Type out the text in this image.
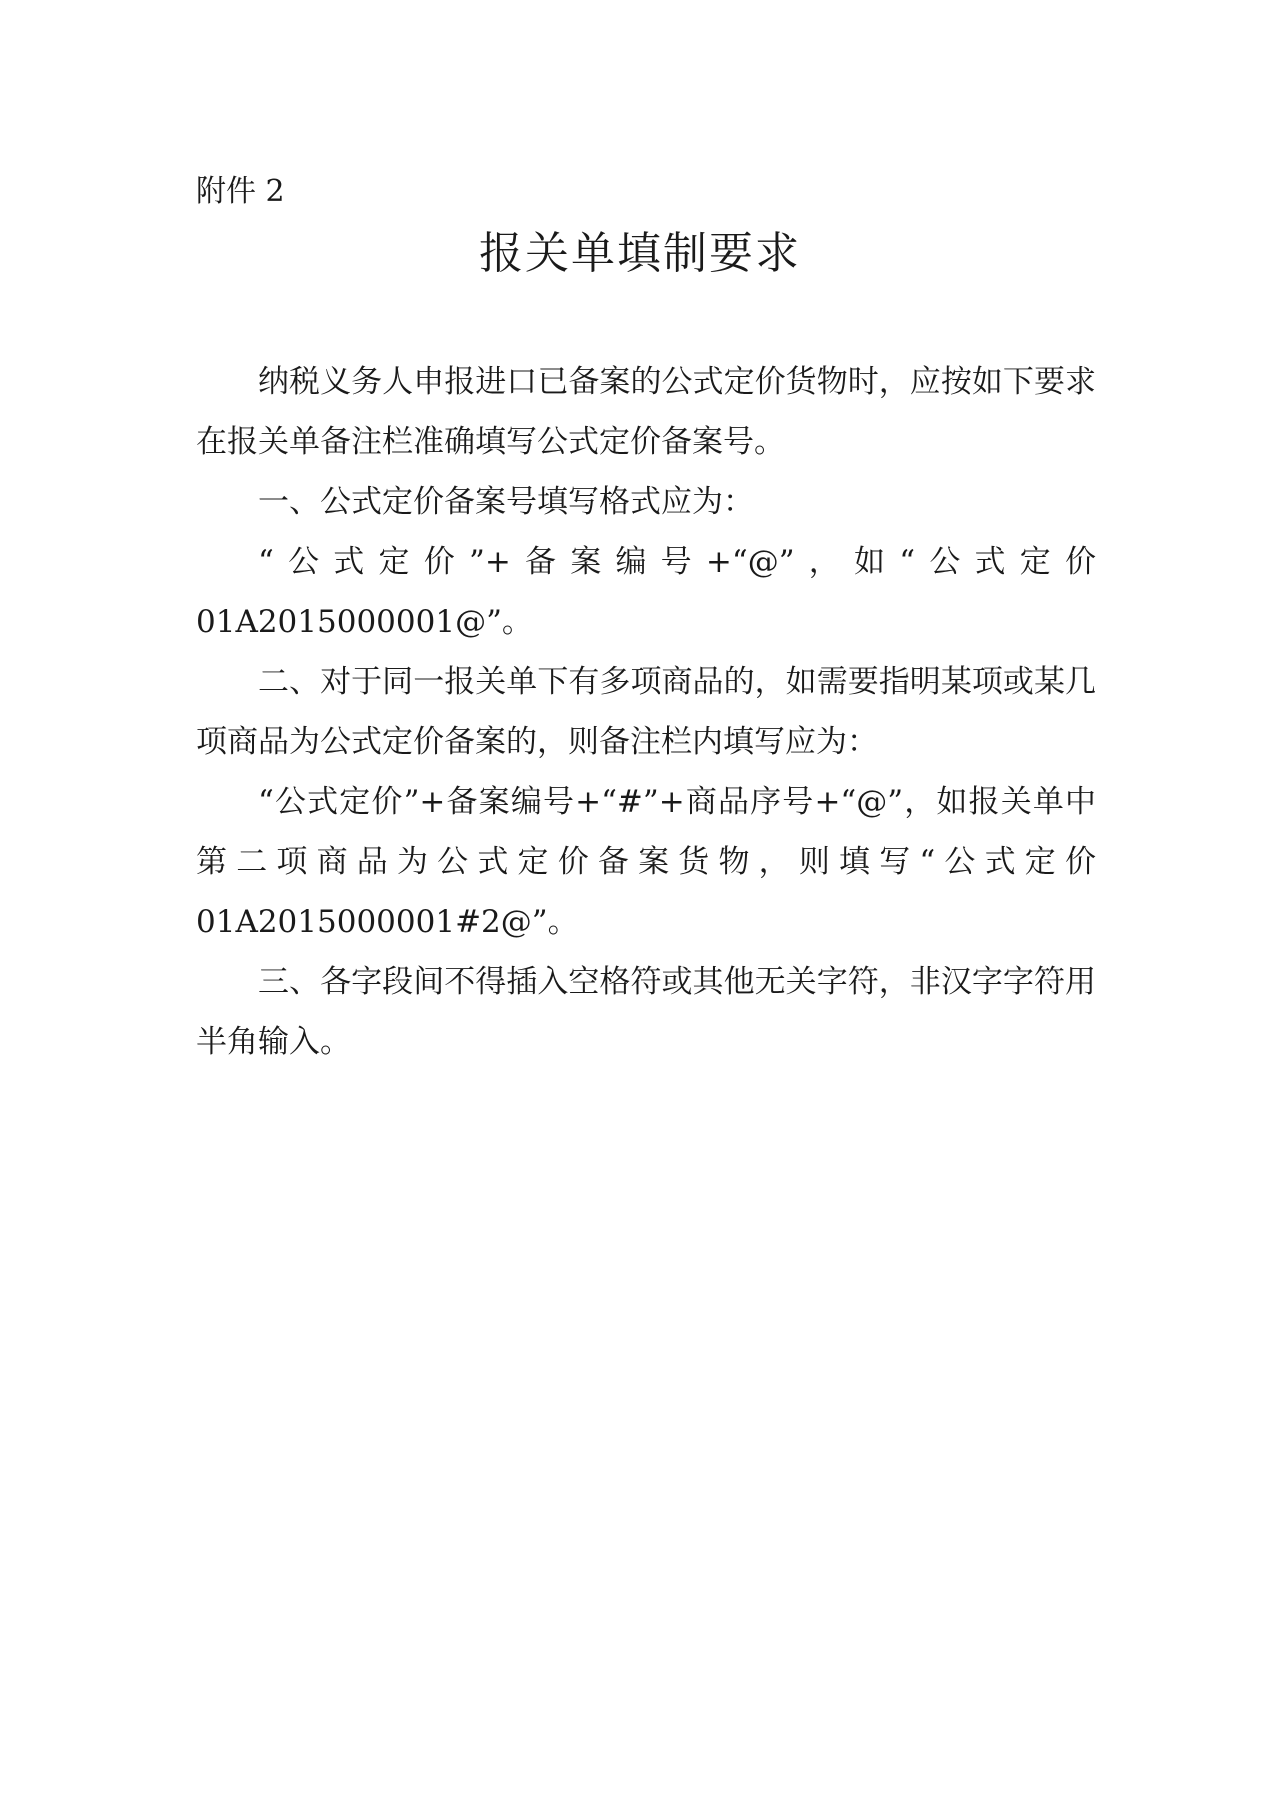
附件 2
报关单填制要求

纳税义务人申报进口已备案的公式定价货物时，应按如下要求在报关单备注栏准确填写公式定价备案号。

一、公式定价备案号填写格式应为：

“公式定价”+备案编号+“@”，如“公式定价01A2015000001@”。

二、对于同一报关单下有多项商品的，如需要指明某项或某几项商品为公式定价备案的，则备注栏内填写应为：

“公式定价”+备案编号+“#”+商品序号+“@”，如报关单中第二项商品为公式定价备案货物，则填写“公式定价01A2015000001#2@”。

三、各字段间不得插入空格符或其他无关字符，非汉字字符用半角输入。
